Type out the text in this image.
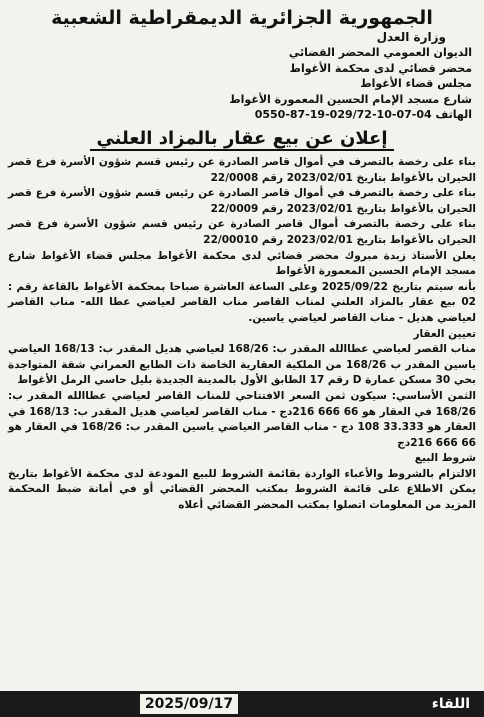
الجمهورية الجزائرية الديمقراطية الشعبية
وزارة العدل
الديوان العمومي المحضر القضائي
محضر قضائي لدى محكمة الأغواط
مجلس قضاء الأغواط
شارع مسجد الإمام الحسين المعمورة الأغواط
الهاتف 04-07-10-029/72-19-87-0550
إعلان عن بيع عقار بالمزاد العلني

بناء على رخصة بالتصرف في أموال قاصر الصادرة عن رئيس قسم شؤون الأسرة فرع قصر الحيران بالأغواط بتاريخ 2023/02/01 رقم 22/0008

بناء على رخصة بالتصرف في أموال قاصر الصادرة عن رئيس قسم شؤون الأسرة فرع قصر الحيران بالأغواط بتاريخ 2023/02/01 رقم 22/0009

بناء على رخصة بالتصرف أموال قاصر الصادرة عن رئيس قسم شؤون الأسرة فرع قصر الحيران بالأغواط بتاريخ 2023/02/01 رقم 22/00010

يعلن الأستاذ زبدة مبروك محضر قضائي لدى محكمة الأغواط مجلس قضاء الأغواط شارع مسجد الإمام الحسين المعمورة الأغواط

بأنه سيتم بتاريخ 2025/09/22 وعلى الساعة العاشرة صباحا بمحكمة الأغواط بالقاعة رقم : 02 بيع عقار بالمزاد العلني لمناب القاصر مناب القاصر لعياضي عطا الله- مناب القاصر لعياضي هديل - مناب القاصر لعياضي ياسين.

تعيين العقار

مناب القصر لعياضي عطاالله المقدر ب: 168/26 لعياضي هديل المقدر ب: 168/13 العياضي ياسين المقدر ب 168/26 من الملكية العقارية الخاصة ذات الطابع العمراني شقة المتواجدة بحي 30 مسكن عمارة D رقم 17 الطابق الأول بالمدينة الجديدة بليل حاسي الرمل الأغواط

الثمن الأساسي: سيكون ثمن السعر الافتتاحي للمناب القاصر لعياضي عطاالله المقدر ب: 168/26 في العقار هو 66 666 216دج - مناب القاصر لعياضي هديل المقدر ب: 168/13 في العقار هو 33.333 108 دج - مناب القاصر العياضي ياسين المقدر ب: 168/26 في العقار هو 66 666 216دج

شروط البيع

الالتزام بالشروط والأعباء الواردة بقائمة الشروط للبيع المودعة لدى محكمة الأغواط بتاريخ يمكن الاطلاع على قائمة الشروط بمكتب المحضر القضائي أو في أمانة ضبط المحكمة المزيد من المعلومات اتصلوا بمكتب المحضر القضائي أعلاه

2025/09/17	اللقاء
